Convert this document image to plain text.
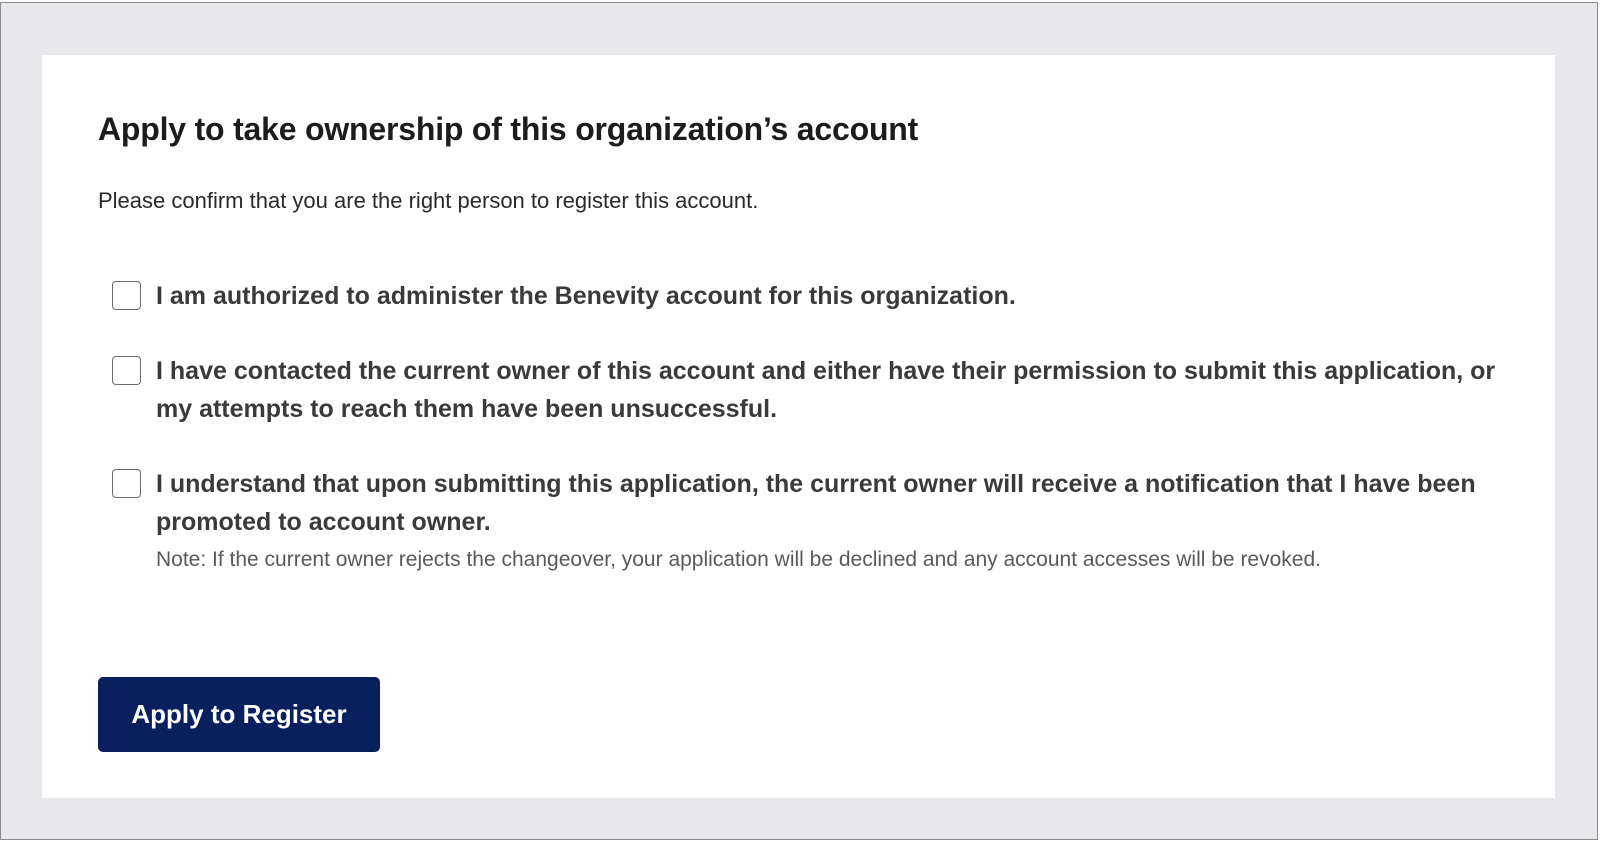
Apply to take ownership of this organization’s account

Please confirm that you are the right person to register this account.

I am authorized to administer the Benevity account for this organization.
I have contacted the current owner of this account and either have their permission to submit this application, or my attempts to reach them have been unsuccessful.
I understand that upon submitting this application, the current owner will receive a notification that I have been promoted to account owner.
Note: If the current owner rejects the changeover, your application will be declined and any account accesses will be revoked.
Apply to Register
